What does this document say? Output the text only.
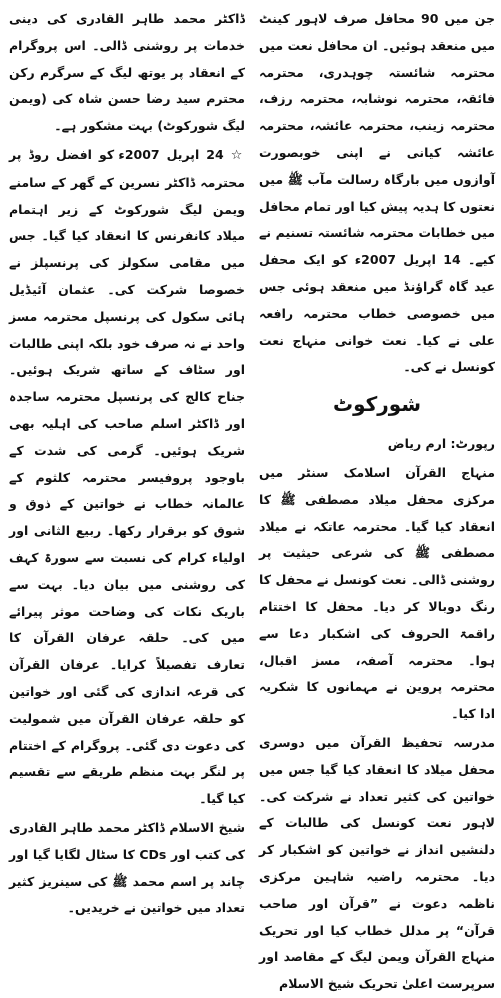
جن میں 90 محافل صرف لاہور کینٹ میں منعقد ہوئیں۔ ان محافل نعت میں محترمہ شائستہ چوہدری، محترمہ فائقہ، محترمہ نوشابہ، محترمہ رزف، محترمہ زینب، محترمہ عائشہ، محترمہ عائشہ کیانی نے اپنی خوبصورت آوازوں میں بارگاہ رسالت مآب ﷺ میں نعتوں کا ہدیہ پیش کیا اور تمام محافل میں خطابات محترمہ شائستہ تسنیم نے کیے۔ 14 اپریل 2007ء کو ایک محفل عید گاہ گراؤنڈ میں منعقد ہوئی جس میں خصوصی خطاب محترمہ رافعہ علی نے کیا۔ نعت خوانی منہاج نعت کونسل نے کی۔

شورکوٹ

رپورٹ: ارم ریاض

منہاج القرآن اسلامک سنٹر میں مرکزی محفل میلاد مصطفی ﷺ کا انعقاد کیا گیا۔ محترمہ عاتکہ نے میلاد مصطفی ﷺ کی شرعی حیثیت پر روشنی ڈالی۔ نعت کونسل نے محفل کا رنگ دوبالا کر دیا۔ محفل کا اختتام راقمۃ الحروف کی اشکبار دعا سے ہوا۔ محترمہ آصفہ، مسز اقبال، محترمہ پروین نے مہمانوں کا شکریہ ادا کیا۔

مدرسہ تحفیظ القرآن میں دوسری محفل میلاد کا انعقاد کیا گیا جس میں خواتین کی کثیر تعداد نے شرکت کی۔ لاہور نعت کونسل کی طالبات کے دلنشیں انداز نے خواتین کو اشکبار کر دیا۔ محترمہ راضیہ شاہین مرکزی ناظمہ دعوت نے ”قرآن اور صاحب قرآن“ پر مدلل خطاب کیا اور تحریک منہاج القرآن ویمن لیگ کے مقاصد اور سرپرست اعلیٰ تحریک شیخ الاسلام

ڈاکٹر محمد طاہر القادری کی دینی خدمات پر روشنی ڈالی۔ اس پروگرام کے انعقاد پر یوتھ لیگ کے سرگرم رکن محترم سید رضا حسن شاہ کی (ویمن لیگ شورکوٹ) بہت مشکور ہے۔

☆ 24 اپریل 2007ء کو افضل روڈ پر محترمہ ڈاکٹر نسرین کے گھر کے سامنے ویمن لیگ شورکوٹ کے زیر اہتمام میلاد کانفرنس کا انعقاد کیا گیا۔ جس میں مقامی سکولز کی پرنسپلز نے خصوصا شرکت کی۔ عثمان آئیڈیل ہائی سکول کی پرنسپل محترمہ مسز واحد نے نہ صرف خود بلکہ اپنی طالبات اور سٹاف کے ساتھ شریک ہوئیں۔ جناح کالج کی پرنسپل محترمہ ساجدہ اور ڈاکٹر اسلم صاحب کی اہلیہ بھی شریک ہوئیں۔ گرمی کی شدت کے باوجود پروفیسر محترمہ کلثوم کے عالمانہ خطاب نے خواتین کے ذوق و شوق کو برقرار رکھا۔ ربیع الثانی اور اولیاء کرام کی نسبت سے سورۃ کہف کی روشنی میں بیان دیا۔ بہت سے باریک نکات کی وضاحت موثر پیرائے میں کی۔ حلقہ عرفان القرآن کا تعارف تفصیلاً کرایا۔ عرفان القرآن کی قرعہ اندازی کی گئی اور خواتین کو حلقہ عرفان القرآن میں شمولیت کی دعوت دی گئی۔ پروگرام کے اختتام پر لنگر بہت منظم طریقے سے تقسیم کیا گیا۔

شیخ الاسلام ڈاکٹر محمد طاہر القادری کی کتب اور CDs کا سٹال لگایا گیا اور چاند پر اسم محمد ﷺ کی سینریز کثیر تعداد میں خواتین نے خریدیں۔
